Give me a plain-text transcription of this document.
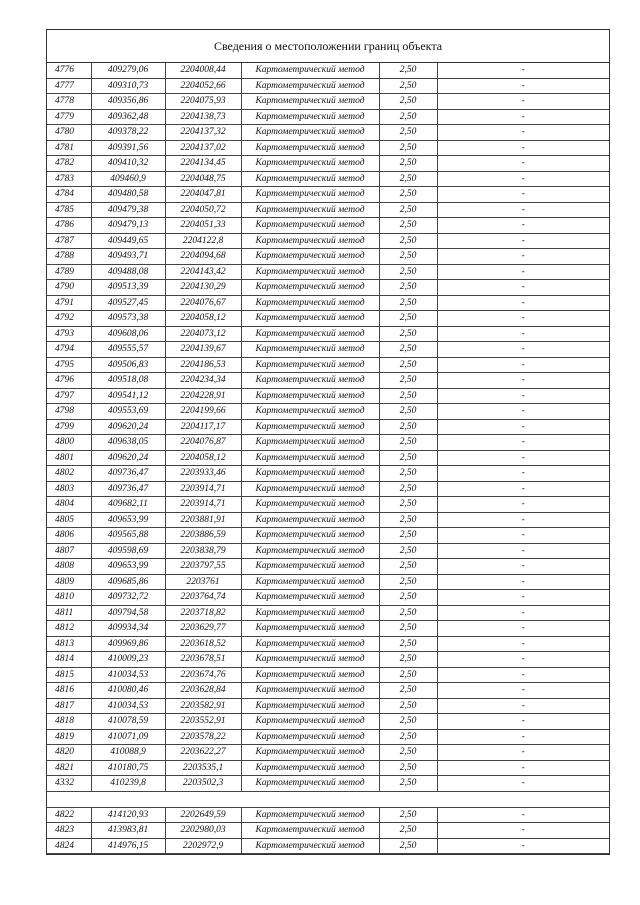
Сведения о местоположении границ объекта
4776	409279,06	2204008,44	Картометрический метод	2,50	-
4777	409310,73	2204052,66	Картометрический метод	2,50	-
4778	409356,86	2204075,93	Картометрический метод	2,50	-
4779	409362,48	2204138,73	Картометрический метод	2,50	-
4780	409378,22	2204137,32	Картометрический метод	2,50	-
4781	409391,56	2204137,02	Картометрический метод	2,50	-
4782	409410,32	2204134,45	Картометрический метод	2,50	-
4783	409460,9	2204048,75	Картометрический метод	2,50	-
4784	409480,58	2204047,81	Картометрический метод	2,50	-
4785	409479,38	2204050,72	Картометрический метод	2,50	-
4786	409479,13	2204051,33	Картометрический метод	2,50	-
4787	409449,65	2204122,8	Картометрический метод	2,50	-
4788	409493,71	2204094,68	Картометрический метод	2,50	-
4789	409488,08	2204143,42	Картометрический метод	2,50	-
4790	409513,39	2204130,29	Картометрический метод	2,50	-
4791	409527,45	2204076,67	Картометрический метод	2,50	-
4792	409573,38	2204058,12	Картометрический метод	2,50	-
4793	409608,06	2204073,12	Картометрический метод	2,50	-
4794	409555,57	2204139,67	Картометрический метод	2,50	-
4795	409506,83	2204186,53	Картометрический метод	2,50	-
4796	409518,08	2204234,34	Картометрический метод	2,50	-
4797	409541,12	2204228,91	Картометрический метод	2,50	-
4798	409553,69	2204199,66	Картометрический метод	2,50	-
4799	409620,24	2204117,17	Картометрический метод	2,50	-
4800	409638,05	2204076,87	Картометрический метод	2,50	-
4801	409620,24	2204058,12	Картометрический метод	2,50	-
4802	409736,47	2203933,46	Картометрический метод	2,50	-
4803	409736,47	2203914,71	Картометрический метод	2,50	-
4804	409682,11	2203914,71	Картометрический метод	2,50	-
4805	409653,99	2203881,91	Картометрический метод	2,50	-
4806	409565,88	2203886,59	Картометрический метод	2,50	-
4807	409598,69	2203838,79	Картометрический метод	2,50	-
4808	409653,99	2203797,55	Картометрический метод	2,50	-
4809	409685,86	2203761	Картометрический метод	2,50	-
4810	409732,72	2203764,74	Картометрический метод	2,50	-
4811	409794,58	2203718,82	Картометрический метод	2,50	-
4812	409934,34	2203629,77	Картометрический метод	2,50	-
4813	409969,86	2203618,52	Картометрический метод	2,50	-
4814	410009,23	2203678,51	Картометрический метод	2,50	-
4815	410034,53	2203674,76	Картометрический метод	2,50	-
4816	410080,46	2203628,84	Картометрический метод	2,50	-
4817	410034,53	2203582,91	Картометрический метод	2,50	-
4818	410078,59	2203552,91	Картометрический метод	2,50	-
4819	410071,09	2203578,22	Картометрический метод	2,50	-
4820	410088,9	2203622,27	Картометрический метод	2,50	-
4821	410180,75	2203535,1	Картометрический метод	2,50	-
4332	410239,8	2203502,3	Картометрический метод	2,50	-

4822	414120,93	2202649,59	Картометрический метод	2,50	-
4823	413983,81	2202980,03	Картометрический метод	2,50	-
4824	414976,15	2202972,9	Картометрический метод	2,50	-
